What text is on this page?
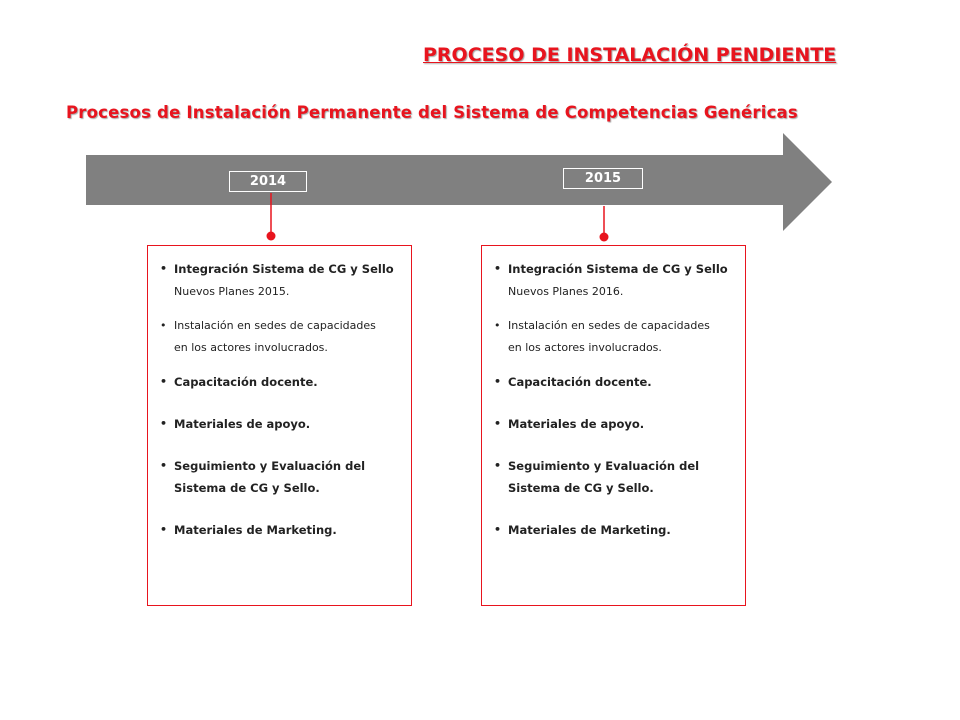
PROCESO DE INSTALACIÓN PENDIENTE
Procesos de Instalación Permanente del Sistema de Competencias Genéricas
2014	2015
• Integración Sistema de CG y Sello
Nuevos Planes 2015.
• Instalación en sedes de capacidades
en los actores involucrados.
• Capacitación docente.
• Materiales de apoyo.
• Seguimiento y Evaluación del
Sistema de CG y Sello.
• Materiales de Marketing.
• Integración Sistema de CG y Sello
Nuevos Planes 2016.
• Instalación en sedes de capacidades
en los actores involucrados.
• Capacitación docente.
• Materiales de apoyo.
• Seguimiento y Evaluación del
Sistema de CG y Sello.
• Materiales de Marketing.
